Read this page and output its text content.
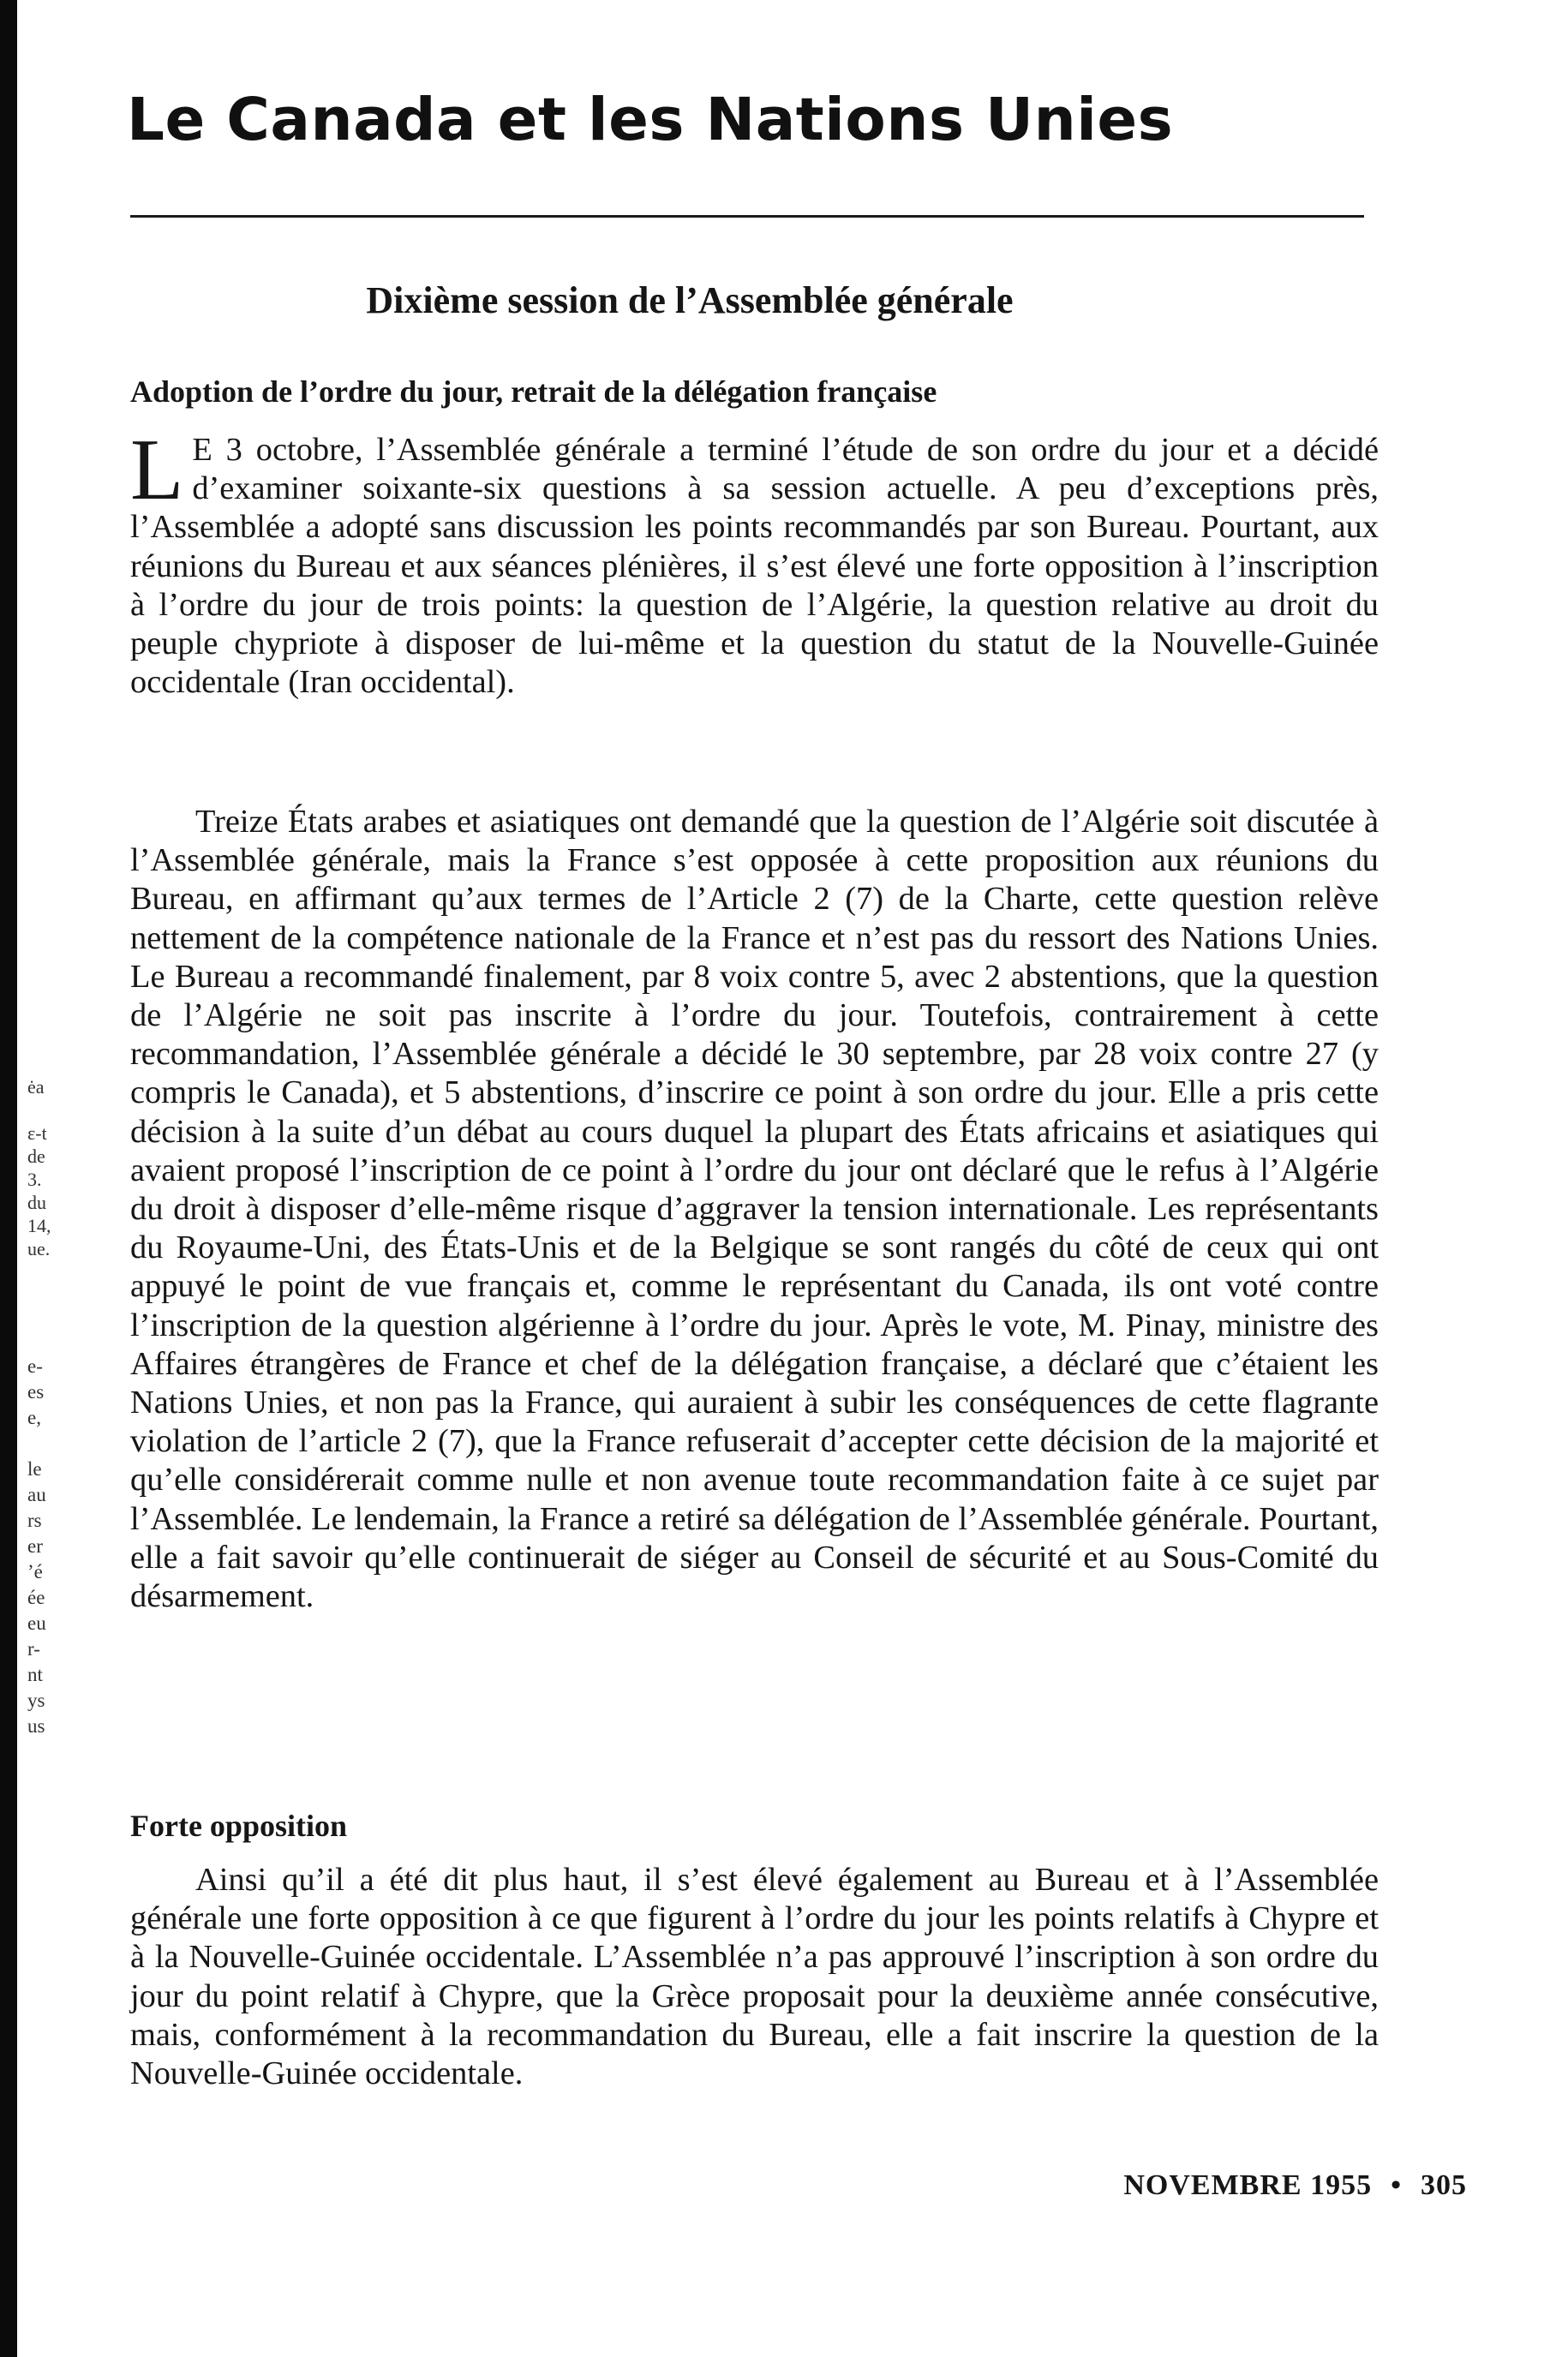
ėa

ɛ-t
de
3.
du
14,
ue.
e-
es
e,

le
au
rs
er
’é
ée
eu
r-
nt
ys
us
Le Canada et les Nations Unies
Dixième session de l’Assemblée générale
Adoption de l’ordre du jour, retrait de la délégation française

L E 3 octobre, l’Assemblée générale a terminé l’étude de son ordre du jour et a décidé d’examiner soixante-six questions à sa session actuelle. A peu d’exceptions près, l’Assemblée a adopté sans discussion les points recommandés par son Bureau. Pourtant, aux réunions du Bureau et aux séances plénières, il s’est élevé une forte opposition à l’inscription à l’ordre du jour de trois points: la question de l’Algérie, la question relative au droit du peuple chypriote à disposer de lui-même et la question du statut de la Nouvelle-Guinée occidentale (Iran occidental).

Treize États arabes et asiatiques ont demandé que la question de l’Algérie soit discutée à l’Assemblée générale, mais la France s’est opposée à cette proposition aux réunions du Bureau, en affirmant qu’aux termes de l’Article 2 (7) de la Charte, cette question relève nettement de la compétence nationale de la France et n’est pas du ressort des Nations Unies. Le Bureau a recommandé finalement, par 8 voix contre 5, avec 2 abstentions, que la question de l’Algérie ne soit pas inscrite à l’ordre du jour. Toutefois, contrairement à cette recommandation, l’Assemblée générale a décidé le 30 septembre, par 28 voix contre 27 (y compris le Canada), et 5 abstentions, d’inscrire ce point à son ordre du jour. Elle a pris cette décision à la suite d’un débat au cours duquel la plupart des États africains et asiatiques qui avaient proposé l’inscription de ce point à l’ordre du jour ont déclaré que le refus à l’Algérie du droit à disposer d’elle-même risque d’aggraver la tension internationale. Les représentants du Royaume-Uni, des États-Unis et de la Belgique se sont rangés du côté de ceux qui ont appuyé le point de vue français et, comme le représentant du Canada, ils ont voté contre l’inscription de la question algérienne à l’ordre du jour. Après le vote, M. Pinay, ministre des Affaires étrangères de France et chef de la délégation française, a déclaré que c’étaient les Nations Unies, et non pas la France, qui auraient à subir les conséquences de cette flagrante violation de l’article 2 (7), que la France refuserait d’accepter cette décision de la majorité et qu’elle considérerait comme nulle et non avenue toute recommandation faite à ce sujet par l’Assemblée. Le lendemain, la France a retiré sa délégation de l’Assemblée générale. Pourtant, elle a fait savoir qu’elle continuerait de siéger au Conseil de sécurité et au Sous-Comité du désarmement.

Forte opposition

Ainsi qu’il a été dit plus haut, il s’est élevé également au Bureau et à l’Assemblée générale une forte opposition à ce que figurent à l’ordre du jour les points relatifs à Chypre et à la Nouvelle-Guinée occidentale. L’Assemblée n’a pas approuvé l’inscription à son ordre du jour du point relatif à Chypre, que la Grèce proposait pour la deuxième année consécutive, mais, conformément à la recommandation du Bureau, elle a fait inscrire la question de la Nouvelle-Guinée occidentale.

NOVEMBRE 1955 • 305
